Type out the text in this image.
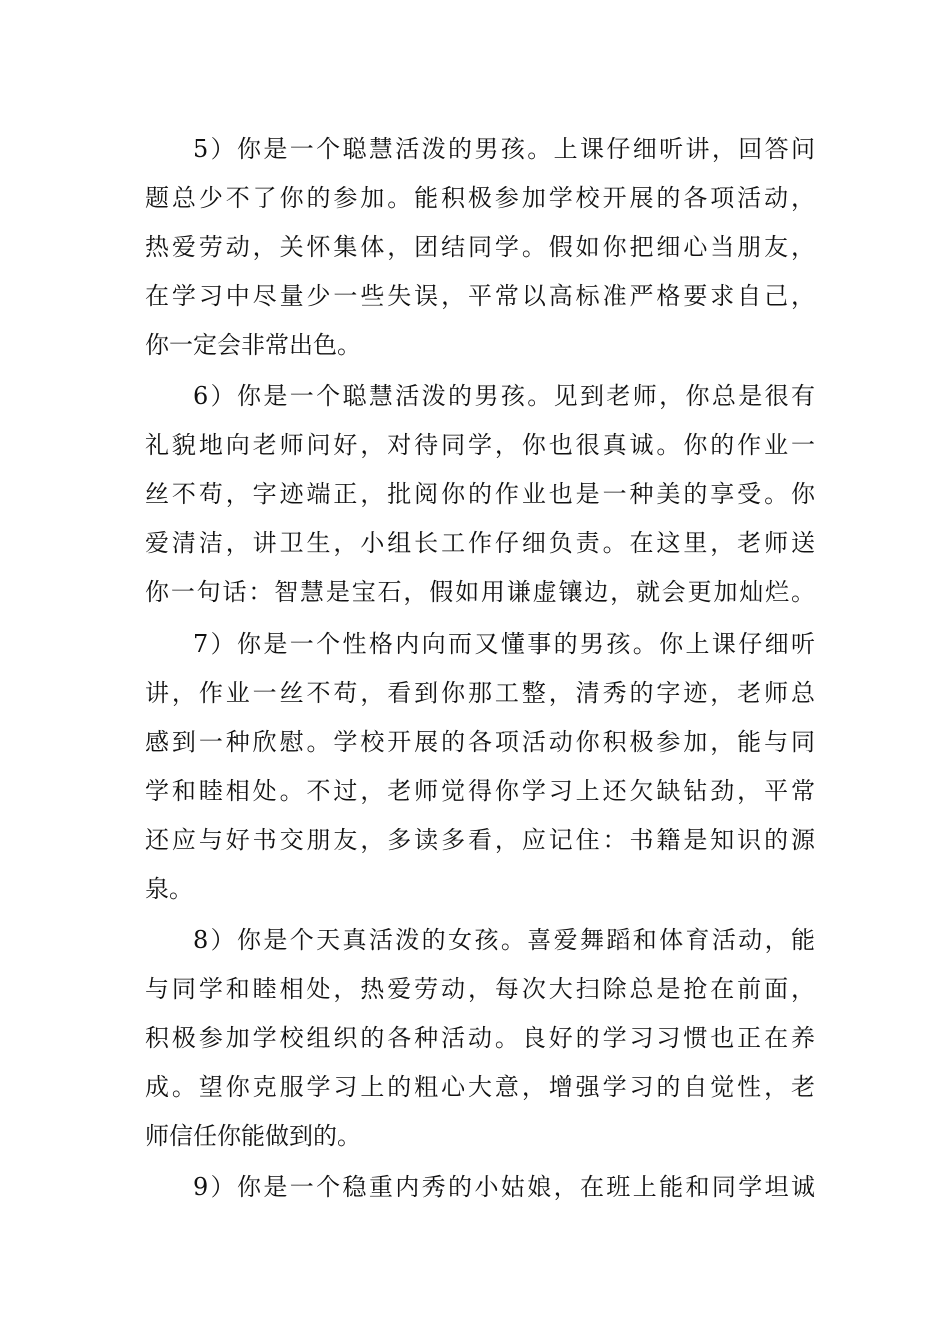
5）你是一个聪慧活泼的男孩。上课仔细听讲，回答问
题总少不了你的参加。能积极参加学校开展的各项活动，
热爱劳动，关怀集体，团结同学。假如你把细心当朋友，
在学习中尽量少一些失误，平常以高标准严格要求自己，
你一定会非常出色。
6）你是一个聪慧活泼的男孩。见到老师，你总是很有
礼貌地向老师问好，对待同学，你也很真诚。你的作业一
丝不苟，字迹端正，批阅你的作业也是一种美的享受。你
爱清洁，讲卫生，小组长工作仔细负责。在这里，老师送
你一句话：智慧是宝石，假如用谦虚镶边，就会更加灿烂。
7）你是一个性格内向而又懂事的男孩。你上课仔细听
讲，作业一丝不苟，看到你那工整，清秀的字迹，老师总
感到一种欣慰。学校开展的各项活动你积极参加，能与同
学和睦相处。不过，老师觉得你学习上还欠缺钻劲，平常
还应与好书交朋友，多读多看，应记住：书籍是知识的源
泉。
8）你是个天真活泼的女孩。喜爱舞蹈和体育活动，能
与同学和睦相处，热爱劳动，每次大扫除总是抢在前面，
积极参加学校组织的各种活动。良好的学习习惯也正在养
成。望你克服学习上的粗心大意，增强学习的自觉性，老
师信任你能做到的。
9）你是一个稳重内秀的小姑娘，在班上能和同学坦诚
